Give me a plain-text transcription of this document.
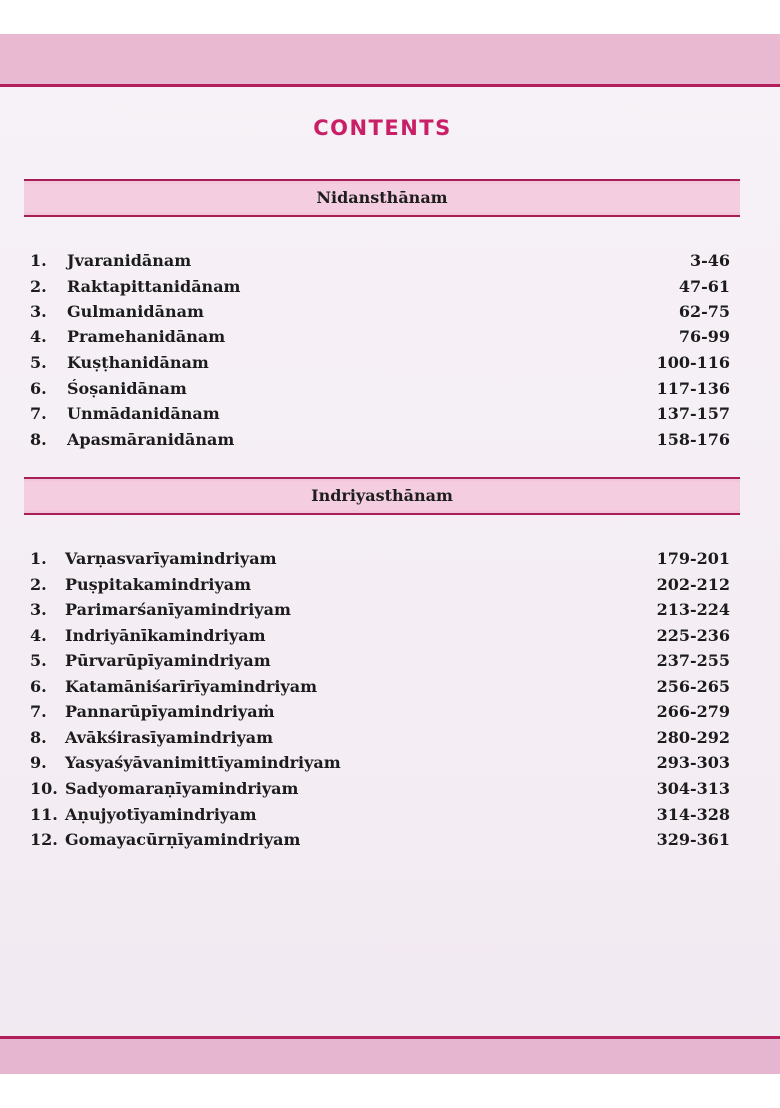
CONTENTS
Nidansthānam
1.	Jvaranidānam	3-46
2.	Raktapittanidānam	47-61
3.	Gulmanidānam	62-75
4.	Pramehanidānam	76-99
5.	Kuṣṭhanidānam	100-116
6.	Śoṣanidānam	117-136
7.	Unmādanidānam	137-157
8.	Apasmāranidānam	158-176
Indriyasthānam
1.	Varṇasvarīyamindriyam	179-201
2.	Puṣpitakamindriyam	202-212
3.	Parimarśanīyamindriyam	213-224
4.	Indriyānīkamindriyam	225-236
5.	Pūrvarūpīyamindriyam	237-255
6.	Katamāniśarīrīyamindriyam	256-265
7.	Pannarūpīyamindriyaṁ	266-279
8.	Avākśirasīyamindriyam	280-292
9.	Yasyaśyāvanimittīyamindriyam	293-303
10. Sadyomaraṇīyamindriyam	304-313
11. Aṇujyotīyamindriyam	314-328
12. Gomayacūrṇīyamindriyam	329-361
